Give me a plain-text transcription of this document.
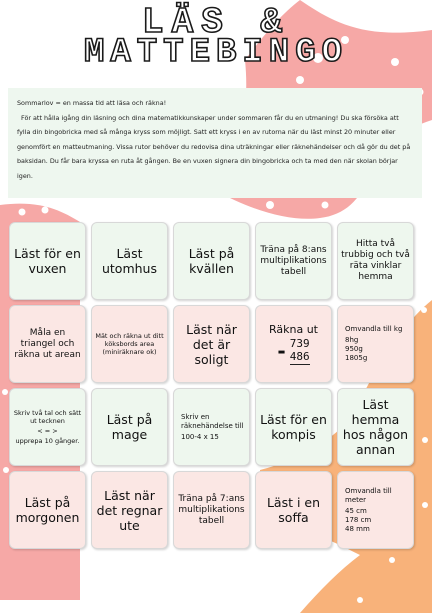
LÄS &
MATTEBINGO

Sommarlov = en massa tid att läsa och räkna!

För att hålla igång din läsning och dina matematikkunskaper under sommaren får du en utmaning! Du ska försöka att fylla din bingobricka med så många kryss som möjligt. Satt ett kryss i en av rutorna när du läst minst 20 minuter eller genomfört en matteutmaning. Vissa rutor behöver du redovisa dina uträkningar eller räknehändelser och då gör du det på baksidan. Du får bara kryssa en ruta åt gången. Be en vuxen signera din bingobricka och ta med den när skolan börjar igen.

Läst för en vuxen
Läst utomhus
Läst på kvällen
Träna på 8:ans multiplikations tabell
Hitta två trubbig och två räta vinklar hemma
Måla en triangel och räkna ut arean
Mät och räkna ut ditt köksbords area (miniräknare ok)
Läst när det är soligt
Räkna ut
- 739
486
Omvandla till kg
8hg
950g
1805g
Skriv två tal och sätt ut tecknen
< = >
upprepa 10 gånger.
Läst på mage
Skriv en räknehändelse till
100-4 x 15
Läst för en kompis
Läst hemma hos någon annan
Läst på morgonen
Läst när det regnar ute
Träna på 7:ans multiplikations tabell
Läst i en soffa
Omvandla till meter
45 cm
178 cm
48 mm
